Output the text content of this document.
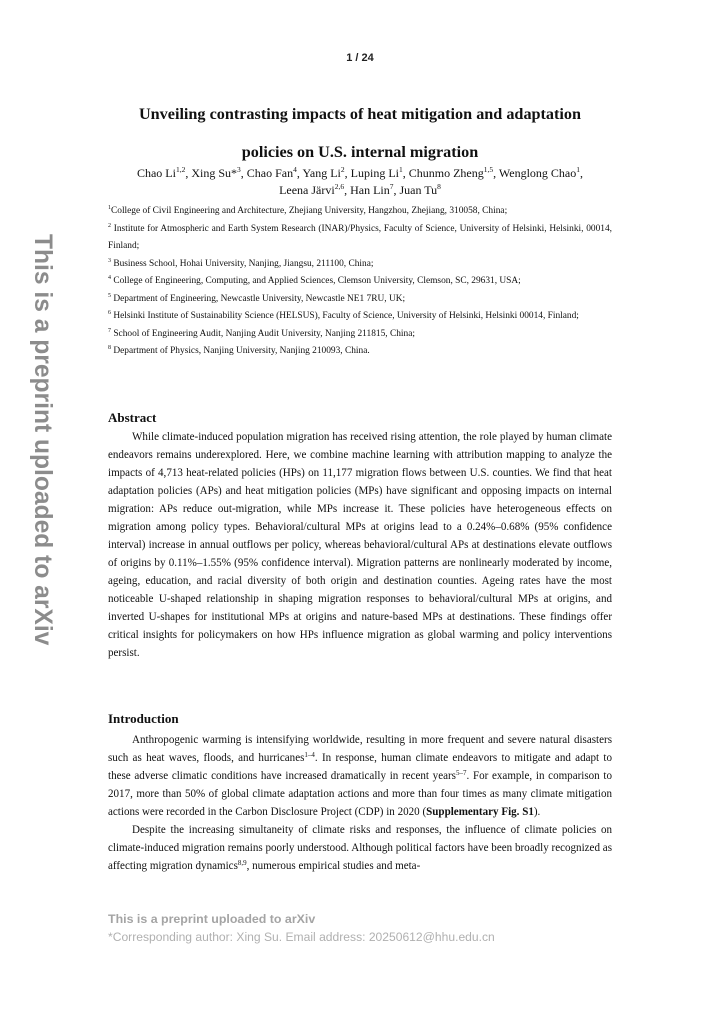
This is a preprint uploaded to arXiv
1 / 24
Unveiling contrasting impacts of heat mitigation and adaptation
policies on U.S. internal migration
Chao Li$^{1,2}$, Xing Su*$^3$, Chao Fan$^4$, Yang Li$^2$, Luping Li$^1$, Chunmo Zheng$^{1,5}$, Wenglong Chao$^1$,
Leena Järvi$^{2,6}$, Han Lin$^7$, Juan Tu$^8$
$^1$College of Civil Engineering and Architecture, Zhejiang University, Hangzhou, Zhejiang, 310058, China;
$^2$ Institute for Atmospheric and Earth System Research (INAR)/Physics, Faculty of Science, University of Helsinki, Helsinki, 00014, Finland;
$^3$ Business School, Hohai University, Nanjing, Jiangsu, 211100, China;
$^4$ College of Engineering, Computing, and Applied Sciences, Clemson University, Clemson, SC, 29631, USA;
$^5$ Department of Engineering, Newcastle University, Newcastle NE1 7RU, UK;
$^6$ Helsinki Institute of Sustainability Science (HELSUS), Faculty of Science, University of Helsinki, Helsinki 00014, Finland;
$^7$ School of Engineering Audit, Nanjing Audit University, Nanjing 211815, China;
$^8$ Department of Physics, Nanjing University, Nanjing 210093, China.
Abstract

While climate-induced population migration has received rising attention, the role played by human climate endeavors remains underexplored. Here, we combine machine learning with attribution mapping to analyze the impacts of 4,713 heat-related policies (HPs) on 11,177 migration flows between U.S. counties. We find that heat adaptation policies (APs) and heat mitigation policies (MPs) have significant and opposing impacts on internal migration: APs reduce out-migration, while MPs increase it. These policies have heterogeneous effects on migration among policy types. Behavioral/cultural MPs at origins lead to a 0.24%–0.68% (95% confidence interval) increase in annual outflows per policy, whereas behavioral/cultural APs at destinations elevate outflows of origins by 0.11%–1.55% (95% confidence interval). Migration patterns are nonlinearly moderated by income, ageing, education, and racial diversity of both origin and destination counties. Ageing rates have the most noticeable U-shaped relationship in shaping migration responses to behavioral/cultural MPs at origins, and inverted U-shapes for institutional MPs at origins and nature-based MPs at destinations. These findings offer critical insights for policymakers on how HPs influence migration as global warming and policy interventions persist.

Introduction

Anthropogenic warming is intensifying worldwide, resulting in more frequent and severe natural disasters such as heat waves, floods, and hurricanes$^{1-4}$. In response, human climate endeavors to mitigate and adapt to these adverse climatic conditions have increased dramatically in recent years$^{5-7}$. For example, in comparison to 2017, more than 50% of global climate adaptation actions and more than four times as many climate mitigation actions were recorded in the Carbon Disclosure Project (CDP) in 2020 (Supplementary Fig. S1).

Despite the increasing simultaneity of climate risks and responses, the influence of climate policies on climate-induced migration remains poorly understood. Although political factors have been broadly recognized as affecting migration dynamics$^{8,9}$, numerous empirical studies and meta-

This is a preprint uploaded to arXiv
*Corresponding author: Xing Su. Email address: 20250612@hhu.edu.cn
